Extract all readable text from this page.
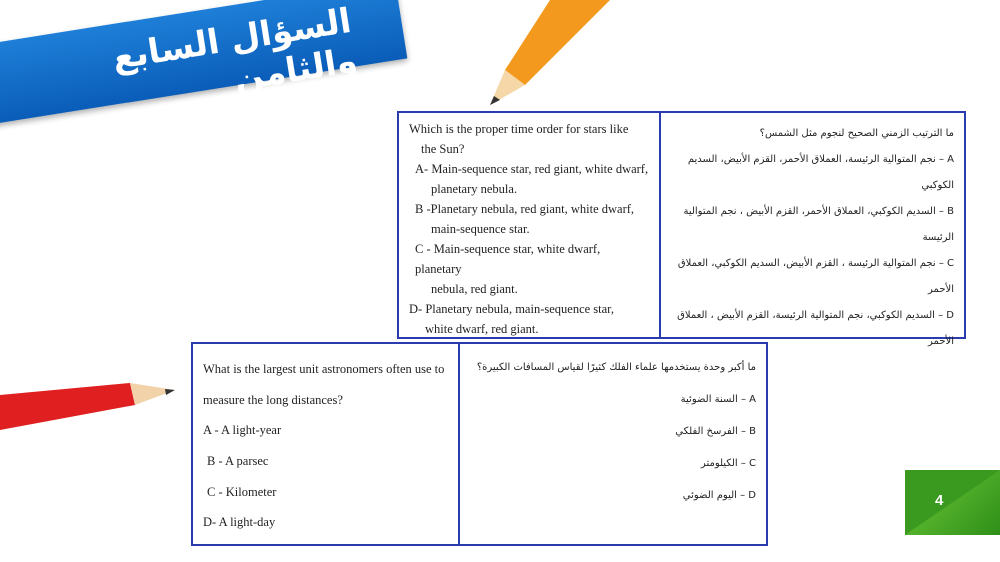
السؤال السابع والثامن
Which is the proper time order for stars like
the Sun?
A- Main-sequence star, red giant, white dwarf,
planetary nebula.
B -Planetary nebula, red giant, white dwarf,
main-sequence star.
C - Main-sequence star, white dwarf, planetary
nebula, red giant.
D- Planetary nebula, main-sequence star,
white dwarf, red giant.
ما الترتيب الزمني الصحيح لنجوم مثل الشمس؟
A – نجم المتوالية الرئيسة، العملاق الأحمر، القزم الأبيض، السديم الكوكبي
B – السديم الكوكبي، العملاق الأحمر، القزم الأبيض ، نجم المتوالية الرئيسة
C – نجم المتوالية الرئيسة ، القزم الأبيض، السديم الكوكبي، العملاق الأحمر
D – السديم الكوكبي، نجم المتوالية الرئيسة، القزم الأبيض ، العملاق الأحمر
What is the largest unit astronomers often use to
measure the long distances?
A - A light-year
B - A parsec
C - Kilometer
D- A light-day
ما أكبر وحدة يستخدمها علماء الفلك كثيرًا لقياس المسافات الكبيرة؟
A – السنة الضوئية
B – الفرسخ الفلكي
C – الكيلومتر
D – اليوم الضوئي	4
